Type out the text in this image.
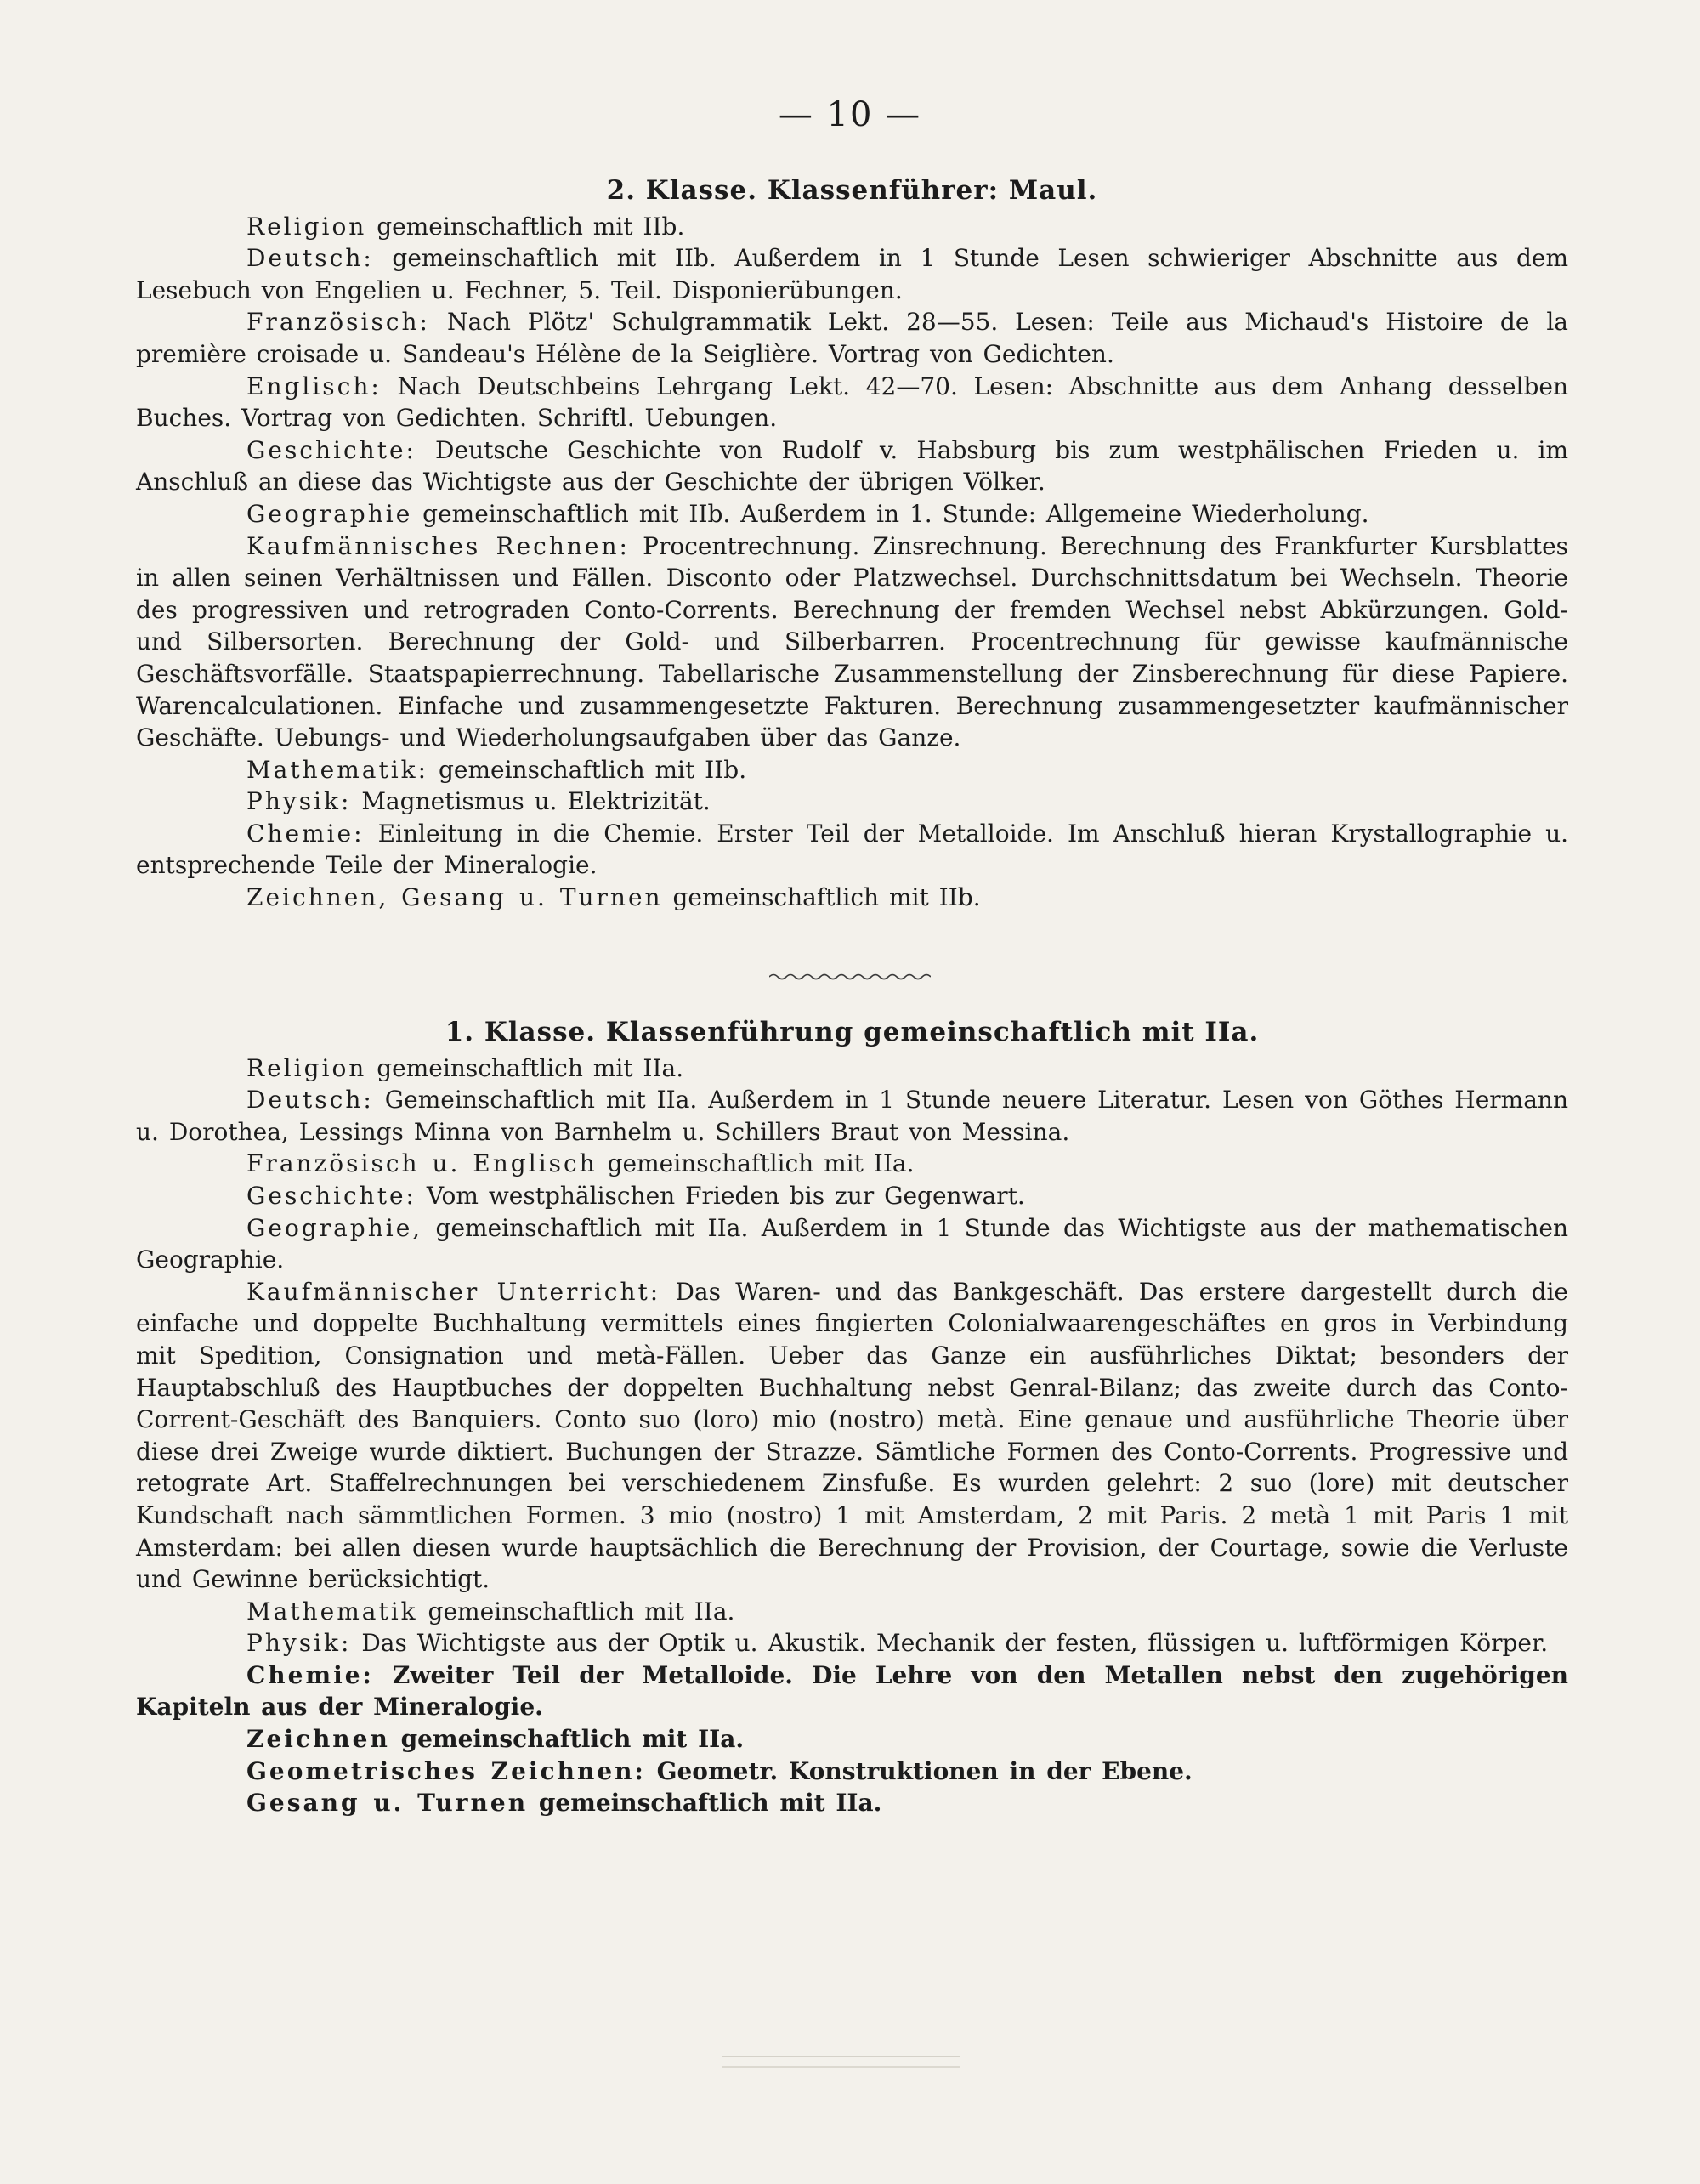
— 10 —

2. Klasse. Klassenführer: Maul.

Religion gemeinschaftlich mit IIb.

Deutsch: gemeinschaftlich mit IIb. Außerdem in 1 Stunde Lesen schwieriger Abschnitte aus dem Lesebuch von Engelien u. Fechner, 5. Teil. Disponierübungen.

Französisch: Nach Plötz' Schulgrammatik Lekt. 28—55. Lesen: Teile aus Michaud's Histoire de la première croisade u. Sandeau's Hélène de la Seiglière. Vortrag von Gedichten.

Englisch: Nach Deutschbeins Lehrgang Lekt. 42—70. Lesen: Abschnitte aus dem Anhang desselben Buches. Vortrag von Gedichten. Schriftl. Uebungen.

Geschichte: Deutsche Geschichte von Rudolf v. Habsburg bis zum westphälischen Frieden u. im Anschluß an diese das Wichtigste aus der Geschichte der übrigen Völker.

Geographie gemeinschaftlich mit IIb. Außerdem in 1. Stunde: Allgemeine Wiederholung.

Kaufmännisches Rechnen: Procentrechnung. Zinsrechnung. Berechnung des Frankfurter Kursblattes in allen seinen Verhältnissen und Fällen. Disconto oder Platzwechsel. Durchschnittsdatum bei Wechseln. Theorie des progressiven und retrograden Conto-Corrents. Berechnung der fremden Wechsel nebst Abkürzungen. Gold- und Silbersorten. Berechnung der Gold- und Silberbarren. Procentrechnung für gewisse kaufmännische Geschäftsvorfälle. Staatspapierrechnung. Tabellarische Zusammenstellung der Zinsberechnung für diese Papiere. Warencalculationen. Einfache und zusammengesetzte Fakturen. Berechnung zusammengesetzter kaufmännischer Geschäfte. Uebungs- und Wiederholungsaufgaben über das Ganze.

Mathematik: gemeinschaftlich mit IIb.

Physik: Magnetismus u. Elektrizität.

Chemie: Einleitung in die Chemie. Erster Teil der Metalloide. Im Anschluß hieran Krystallographie u. entsprechende Teile der Mineralogie.

Zeichnen, Gesang u. Turnen gemeinschaftlich mit IIb.

1. Klasse. Klassenführung gemeinschaftlich mit IIa.

Religion gemeinschaftlich mit IIa.

Deutsch: Gemeinschaftlich mit IIa. Außerdem in 1 Stunde neuere Literatur. Lesen von Göthes Hermann u. Dorothea, Lessings Minna von Barnhelm u. Schillers Braut von Messina.

Französisch u. Englisch gemeinschaftlich mit IIa.

Geschichte: Vom westphälischen Frieden bis zur Gegenwart.

Geographie, gemeinschaftlich mit IIa. Außerdem in 1 Stunde das Wichtigste aus der mathematischen Geographie.

Kaufmännischer Unterricht: Das Waren- und das Bankgeschäft. Das erstere dargestellt durch die einfache und doppelte Buchhaltung vermittels eines fingierten Colonialwaarengeschäftes en gros in Verbindung mit Spedition, Consignation und metà-Fällen. Ueber das Ganze ein ausführliches Diktat; besonders der Hauptabschluß des Hauptbuches der doppelten Buchhaltung nebst Genral-Bilanz; das zweite durch das Conto-Corrent-Geschäft des Banquiers. Conto suo (loro) mio (nostro) metà. Eine genaue und ausführliche Theorie über diese drei Zweige wurde diktiert. Buchungen der Strazze. Sämtliche Formen des Conto-Corrents. Progressive und retograte Art. Staffelrechnungen bei verschiedenem Zinsfuße. Es wurden gelehrt: 2 suo (lore) mit deutscher Kundschaft nach sämmtlichen Formen. 3 mio (nostro) 1 mit Amsterdam, 2 mit Paris. 2 metà 1 mit Paris 1 mit Amsterdam: bei allen diesen wurde hauptsächlich die Berechnung der Provision, der Courtage, sowie die Verluste und Gewinne berücksichtigt.

Mathematik gemeinschaftlich mit IIa.

Physik: Das Wichtigste aus der Optik u. Akustik. Mechanik der festen, flüssigen u. luftförmigen Körper.

Chemie: Zweiter Teil der Metalloide. Die Lehre von den Metallen nebst den zugehörigen Kapiteln aus der Mineralogie.

Zeichnen gemeinschaftlich mit IIa.

Geometrisches Zeichnen: Geometr. Konstruktionen in der Ebene.

Gesang u. Turnen gemeinschaftlich mit IIa.
